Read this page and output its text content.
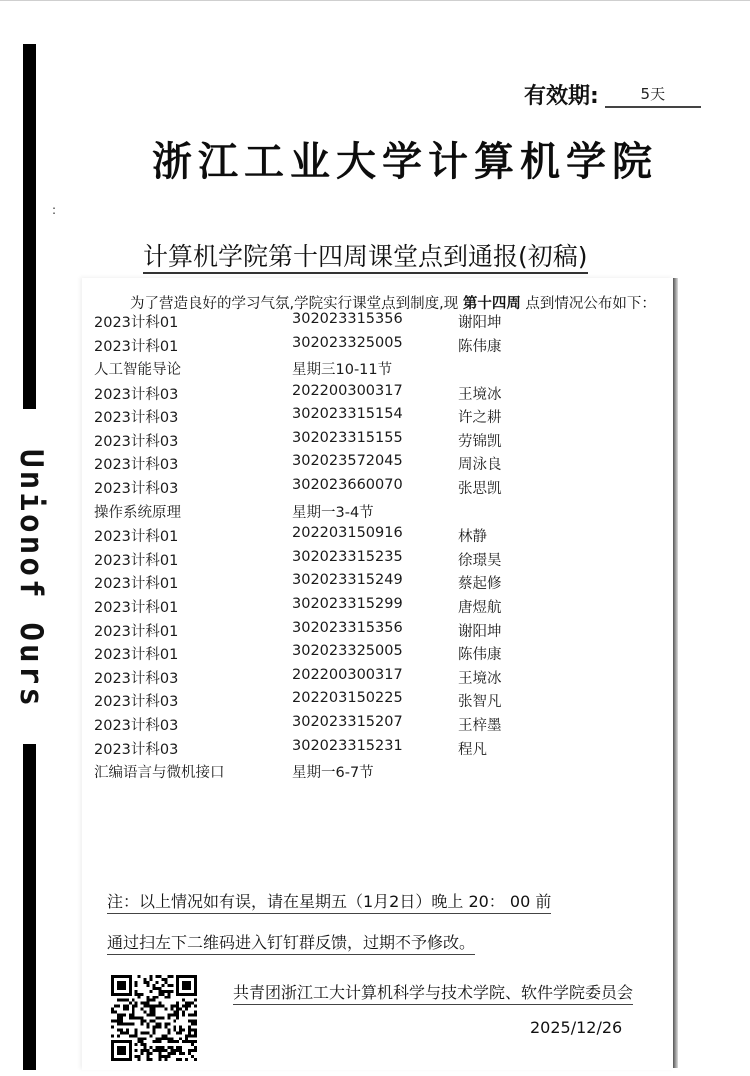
Unionof Ours
有效期:	5天
浙江工业大学计算机学院
:
计算机学院第十四周课堂点到通报(初稿)
为了营造良好的学习气氛,学院实行课堂点到制度,现 第十四周 点到情况公布如下：
2023计科01	302023315356	谢阳坤
2023计科01	302023325005	陈伟康
人工智能导论	星期三10-11节
2023计科03	202200300317	王境冰
2023计科03	302023315154	许之耕
2023计科03	302023315155	劳锦凯
2023计科03	302023572045	周泳良
2023计科03	302023660070	张思凯
操作系统原理	星期一3-4节
2023计科01	202203150916	林静
2023计科01	302023315235	徐璟昊
2023计科01	302023315249	蔡起修
2023计科01	302023315299	唐煜航
2023计科01	302023315356	谢阳坤
2023计科01	302023325005	陈伟康
2023计科03	202200300317	王境冰
2023计科03	202203150225	张智凡
2023计科03	302023315207	王梓墨
2023计科03	302023315231	程凡
汇编语言与微机接口	星期一6-7节
注：以上情况如有误，请在星期五（1月2日）晚上 20： 00 前
通过扫左下二维码进入钉钉群反馈，过期不予修改。
共青团浙江工大计算机科学与技术学院、软件学院委员会
2025/12/26
